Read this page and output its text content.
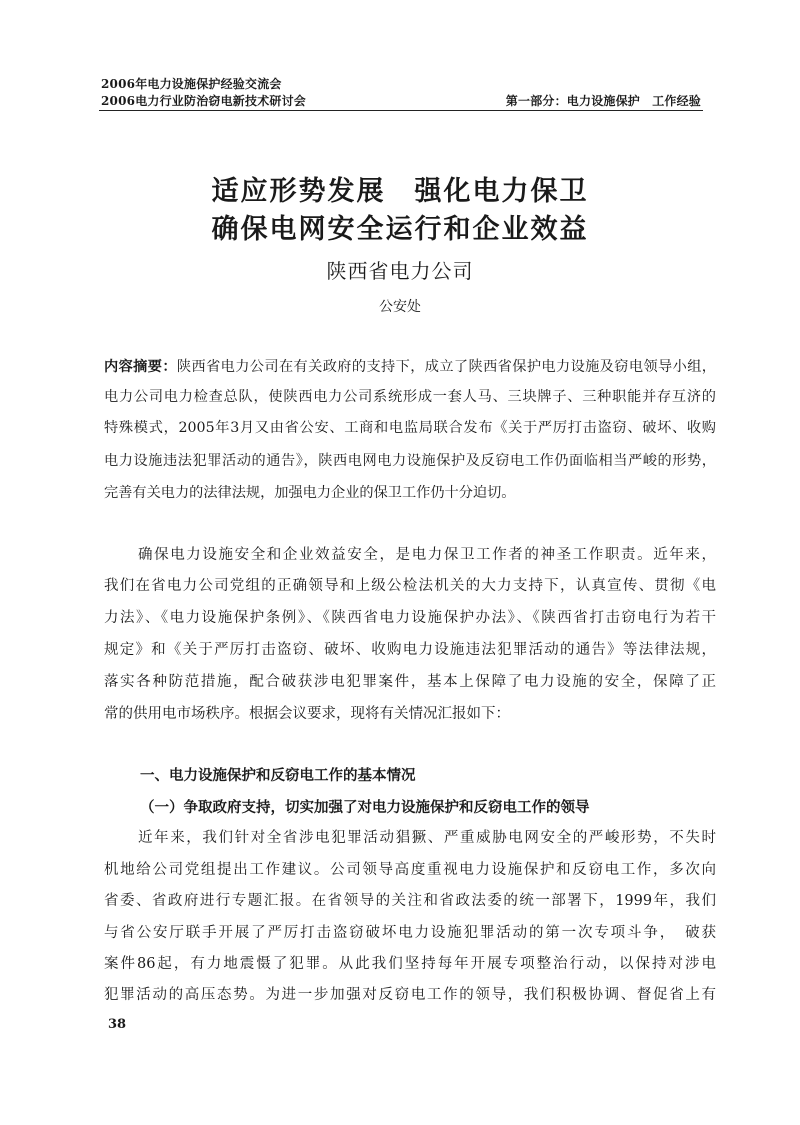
2006年电力设施保护经验交流会
2006电力行业防治窃电新技术研讨会	第一部分：电力设施保护　工作经验
适应形势发展　强化电力保卫
确保电网安全运行和企业效益
陕西省电力公司
公安处
内容摘要：陕西省电力公司在有关政府的支持下，成立了陕西省保护电力设施及窃电领导小组，
电力公司电力检查总队，使陕西电力公司系统形成一套人马、三块牌子、三种职能并存互济的
特殊模式，2005年3月又由省公安、工商和电监局联合发布《关于严厉打击盗窃、破坏、收购
电力设施违法犯罪活动的通告》，陕西电网电力设施保护及反窃电工作仍面临相当严峻的形势，
完善有关电力的法律法规，加强电力企业的保卫工作仍十分迫切。
确保电力设施安全和企业效益安全，是电力保卫工作者的神圣工作职责。近年来，
我们在省电力公司党组的正确领导和上级公检法机关的大力支持下，认真宣传、贯彻《电
力法》、《电力设施保护条例》、《陕西省电力设施保护办法》、《陕西省打击窃电行为若干
规定》和《关于严厉打击盗窃、破坏、收购电力设施违法犯罪活动的通告》等法律法规，
落实各种防范措施，配合破获涉电犯罪案件，基本上保障了电力设施的安全，保障了正
常的供用电市场秩序。根据会议要求，现将有关情况汇报如下：
一、电力设施保护和反窃电工作的基本情况
（一）争取政府支持，切实加强了对电力设施保护和反窃电工作的领导
近年来，我们针对全省涉电犯罪活动猖獗、严重威胁电网安全的严峻形势，不失时
机地给公司党组提出工作建议。公司领导高度重视电力设施保护和反窃电工作，多次向
省委、省政府进行专题汇报。在省领导的关注和省政法委的统一部署下，1999年，我们
与省公安厅联手开展了严厉打击盗窃破坏电力设施犯罪活动的第一次专项斗争，　破获
案件86起，有力地震慑了犯罪。从此我们坚持每年开展专项整治行动，以保持对涉电
犯罪活动的高压态势。为进一步加强对反窃电工作的领导，我们积极协调、督促省上有
38
